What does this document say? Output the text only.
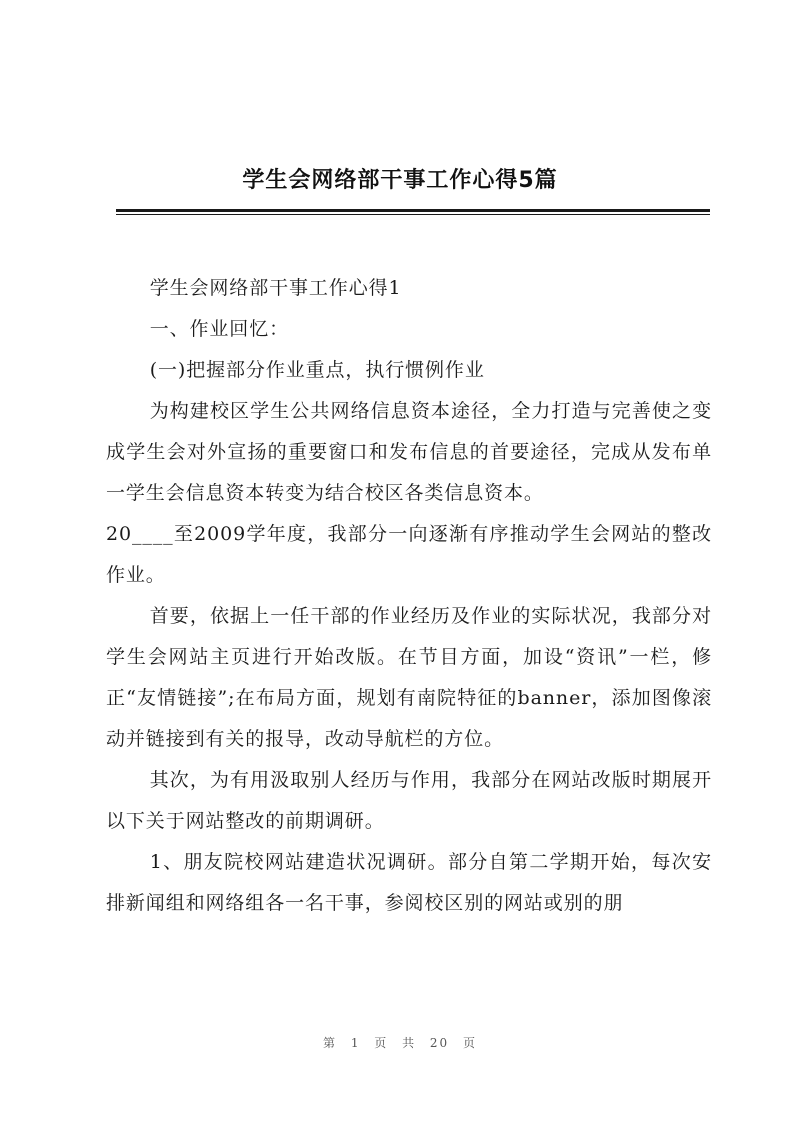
学生会网络部干事工作心得5篇

学生会网络部干事工作心得1

一、作业回忆：

(一)把握部分作业重点，执行惯例作业

为构建校区学生公共网络信息资本途径，全力打造与完善使之变成学生会对外宣扬的重要窗口和发布信息的首要途径，完成从发布单一学生会信息资本转变为结合校区各类信息资本。

20____至2009学年度，我部分一向逐渐有序推动学生会网站的整改作业。

首要，依据上一任干部的作业经历及作业的实际状况，我部分对学生会网站主页进行开始改版。在节目方面，加设“资讯”一栏，修正“友情链接”;在布局方面，规划有南院特征的banner，添加图像滚动并链接到有关的报导，改动导航栏的方位。

其次，为有用汲取别人经历与作用，我部分在网站改版时期展开以下关于网站整改的前期调研。

1、朋友院校网站建造状况调研。部分自第二学期开始，每次安排新闻组和网络组各一名干事，参阅校区别的网站或别的朋

第 1 页 共 20 页
